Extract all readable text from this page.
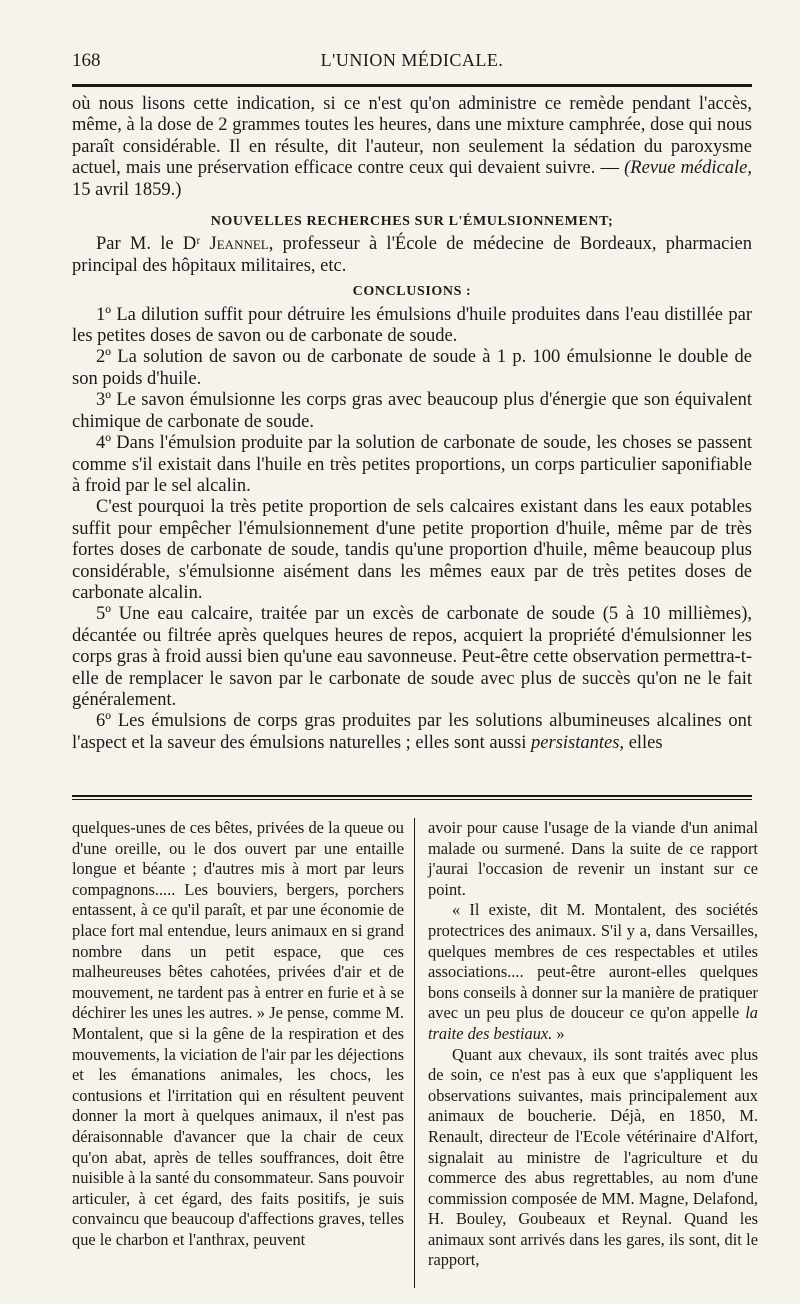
168	L'UNION MÉDICALE.

où nous lisons cette indication, si ce n'est qu'on administre ce remède pendant l'accès, même, à la dose de 2 grammes toutes les heures, dans une mixture camphrée, dose qui nous paraît considérable. Il en résulte, dit l'auteur, non seulement la sédation du paroxysme actuel, mais une préservation efficace contre ceux qui devaient suivre. — (Revue médicale, 15 avril 1859.)

NOUVELLES RECHERCHES SUR L'ÉMULSIONNEMENT;

Par M. le Dʳ Jeannel, professeur à l'École de médecine de Bordeaux, pharmacien principal des hôpitaux militaires, etc.

CONCLUSIONS :

1º La dilution suffit pour détruire les émulsions d'huile produites dans l'eau distillée par les petites doses de savon ou de carbonate de soude.

2º La solution de savon ou de carbonate de soude à 1 p. 100 émulsionne le double de son poids d'huile.

3º Le savon émulsionne les corps gras avec beaucoup plus d'énergie que son équivalent chimique de carbonate de soude.

4º Dans l'émulsion produite par la solution de carbonate de soude, les choses se passent comme s'il existait dans l'huile en très petites proportions, un corps particulier saponifiable à froid par le sel alcalin.

C'est pourquoi la très petite proportion de sels calcaires existant dans les eaux potables suffit pour empêcher l'émulsionnement d'une petite proportion d'huile, même par de très fortes doses de carbonate de soude, tandis qu'une proportion d'huile, même beaucoup plus considérable, s'émulsionne aisément dans les mêmes eaux par de très petites doses de carbonate alcalin.

5º Une eau calcaire, traitée par un excès de carbonate de soude (5 à 10 millièmes), décantée ou filtrée après quelques heures de repos, acquiert la propriété d'émulsionner les corps gras à froid aussi bien qu'une eau savonneuse. Peut-être cette observation permettra-t-elle de remplacer le savon par le carbonate de soude avec plus de succès qu'on ne le fait généralement.

6º Les émulsions de corps gras produites par les solutions albumineuses alcalines ont l'aspect et la saveur des émulsions naturelles ; elles sont aussi persistantes, elles

quelques-unes de ces bêtes, privées de la queue ou d'une oreille, ou le dos ouvert par une entaille longue et béante ; d'autres mis à mort par leurs compagnons..... Les bouviers, bergers, porchers entassent, à ce qu'il paraît, et par une économie de place fort mal entendue, leurs animaux en si grand nombre dans un petit espace, que ces malheureuses bêtes cahotées, privées d'air et de mouvement, ne tardent pas à entrer en furie et à se déchirer les unes les autres. » Je pense, comme M. Montalent, que si la gêne de la respiration et des mouvements, la viciation de l'air par les déjections et les émanations animales, les chocs, les contusions et l'irritation qui en résultent peuvent donner la mort à quelques animaux, il n'est pas déraisonnable d'avancer que la chair de ceux qu'on abat, après de telles souffrances, doit être nuisible à la santé du consommateur. Sans pouvoir articuler, à cet égard, des faits positifs, je suis convaincu que beaucoup d'affections graves, telles que le charbon et l'anthrax, peuvent

avoir pour cause l'usage de la viande d'un animal malade ou surmené. Dans la suite de ce rapport j'aurai l'occasion de revenir un instant sur ce point.

« Il existe, dit M. Montalent, des sociétés protectrices des animaux. S'il y a, dans Versailles, quelques membres de ces respectables et utiles associations.... peut-être auront-elles quelques bons conseils à donner sur la manière de pratiquer avec un peu plus de douceur ce qu'on appelle la traite des bestiaux. »

Quant aux chevaux, ils sont traités avec plus de soin, ce n'est pas à eux que s'appliquent les observations suivantes, mais principalement aux animaux de boucherie. Déjà, en 1850, M. Renault, directeur de l'Ecole vétérinaire d'Alfort, signalait au ministre de l'agriculture et du commerce des abus regrettables, au nom d'une commission composée de MM. Magne, Delafond, H. Bouley, Goubeaux et Reynal. Quand les animaux sont arrivés dans les gares, ils sont, dit le rapport,
